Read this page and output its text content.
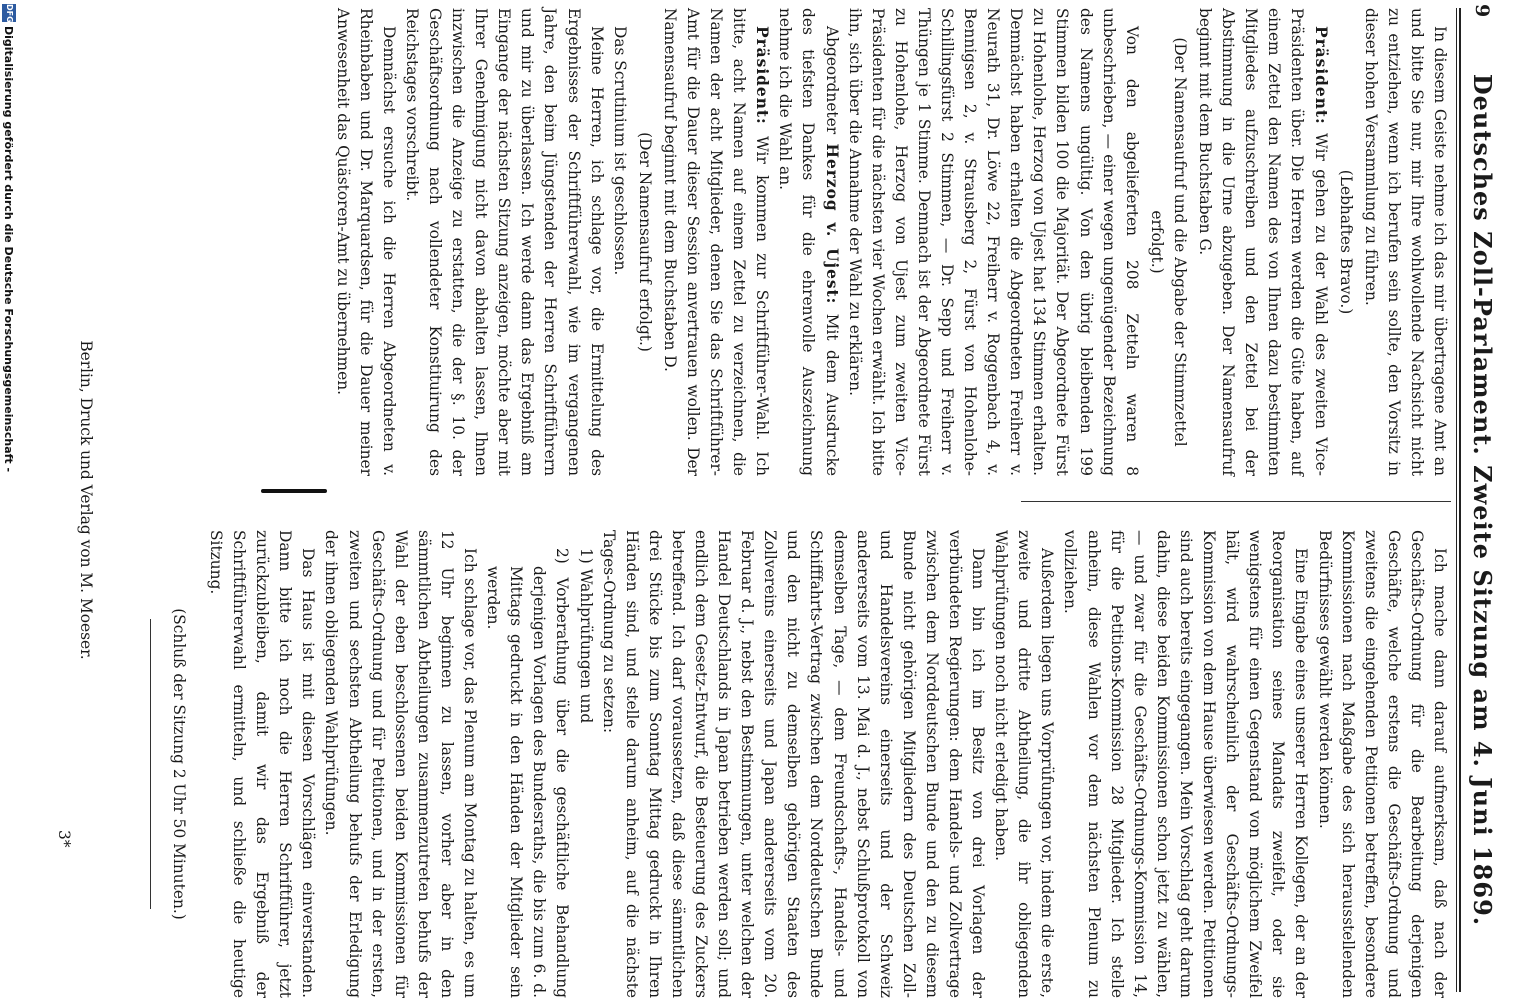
9
Deutsches Zoll-Parlament. Zweite Sitzung am 4. Juni 1869.

In diesem Geiste nehme ich das mir übertragene Amt an und bitte Sie nur, mir Ihre wohlwollende Nachsicht nicht zu entziehen, wenn ich berufen sein sollte, den Vorsitz in dieser hohen Versammlung zu führen.

(Lebhaftes Bravo.)

Präsident: Wir gehen zu der Wahl des zweiten Vice-Präsidenten über. Die Herren werden die Güte haben, auf einem Zettel den Namen des von Ihnen dazu bestimmten Mitgliedes aufzuschreiben und den Zettel bei der Abstimmung in die Urne abzugeben. Der Namensaufruf beginnt mit dem Buchstaben G.

(Der Namensaufruf und die Abgabe der Stimmzettel erfolgt.)

Von den abgelieferten 208 Zetteln waren 8 unbeschrieben, — einer wegen ungenügender Bezeichnung des Namens ungültig. Von den übrig bleibenden 199 Stimmen bilden 100 die Majorität. Der Abgeordnete Fürst zu Hohenlohe, Herzog von Ujest hat 134 Stimmen erhalten. Demnächst haben erhalten die Abgeordneten Freiherr v. Neurath 31, Dr. Löwe 22, Freiherr v. Roggenbach 4, v. Bennigsen 2, v. Strausberg 2, Fürst von Hohenlohe-Schillingsfürst 2 Stimmen, — Dr. Sepp und Freiherr v. Thüngen je 1 Stimme. Demnach ist der Abgeordnete Fürst zu Hohenlohe, Herzog von Ujest zum zweiten Vice-Präsidenten für die nächsten vier Wochen erwählt. Ich bitte ihn, sich über die Annahme der Wahl zu erklären.

Abgeordneter Herzog v. Ujest: Mit dem Ausdrucke des tiefsten Dankes für die ehrenvolle Auszeichnung nehme ich die Wahl an.

Präsident: Wir kommen zur Schriftführer-Wahl. Ich bitte, acht Namen auf einem Zettel zu verzeichnen, die Namen der acht Mitglieder, denen Sie das Schriftführer-Amt für die Dauer dieser Session anvertrauen wollen. Der Namensaufruf beginnt mit dem Buchstaben D.

(Der Namensaufruf erfolgt.)

Das Scrutinium ist geschlossen.

Meine Herren, ich schlage vor, die Ermittelung des Ergebnisses der Schriftführerwahl, wie im vergangenen Jahre, den beim Jüngstenden der Herren Schriftführern und mir zu überlassen. Ich werde dann das Ergebniß am Eingange der nächsten Sitzung anzeigen, möchte aber mit Ihrer Genehmigung nicht davon abhalten lassen, Ihnen inzwischen die Anzeige zu erstatten, die der §. 10. der Geschäftsordnung nach vollendeter Konstituirung des Reichstages vorschreibt.

Demnächst ersuche ich die Herren Abgeordneten v. Rheinbaben und Dr. Marquardsen, für die Dauer meiner Anwesenheit das Quästoren-Amt zu übernehmen.

Ich mache dann darauf aufmerksam, daß nach der Geschäfts-Ordnung für die Bearbeitung derjenigen Geschäfte, welche erstens die Geschäfts-Ordnung und zweitens die eingehenden Petitionen betreffen, besondere Kommissionen nach Maßgabe des sich herausstellenden Bedürfnisses gewählt werden können.

Eine Eingabe eines unserer Herren Kollegen, der an der Reorganisation seines Mandats zweifelt, oder sie wenigstens für einen Gegenstand von möglichem Zweifel hält, wird wahrscheinlich der Geschäfts-Ordnungs-Kommission von dem Hause überwiesen werden. Petitionen sind auch bereits eingegangen. Mein Vorschlag geht darum dahin, diese beiden Kommissionen schon jetzt zu wählen, — und zwar für die Geschäfts-Ordnungs-Kommission 14, für die Petitions-Kommission 28 Mitglieder. Ich stelle anheim, diese Wahlen vor dem nächsten Plenum zu vollziehen.

Außerdem liegen uns Vorprüfungen vor, indem die erste, zweite und dritte Abtheilung, die ihr obliegenden Wahlprüfungen noch nicht erledigt haben.

Dann bin ich im Besitz von drei Vorlagen der verbündeten Regierungen: dem Handels- und Zollvertrage zwischen dem Norddeutschen Bunde und den zu diesem Bunde nicht gehörigen Mitgliedern des Deutschen Zoll- und Handelsvereins einerseits und der Schweiz andererseits vom 13. Mai d. J., nebst Schlußprotokoll von demselben Tage, — dem Freundschafts-, Handels- und Schifffahrts-Vertrag zwischen dem Norddeutschen Bunde und den nicht zu demselben gehörigen Staaten des Zollvereins einerseits und Japan andererseits vom 20. Februar d. J., nebst den Bestimmungen, unter welchen der Handel Deutschlands in Japan betrieben werden soll; und endlich dem Gesetz-Entwurf, die Besteuerung des Zuckers betreffend. Ich darf voraussetzen, daß diese sämmtlichen drei Stücke bis zum Sonntag Mittag gedruckt in Ihren Händen sind, und stelle darum anheim, auf die nächste Tages-Ordnung zu setzen:

1) Wahlprüfungen und

2) Vorberathung über die geschäftliche Behandlung derjenigen Vorlagen des Bundesraths, die bis zum 6. d. Mittags gedruckt in den Händen der Mitglieder sein werden.

Ich schlage vor, das Plenum am Montag zu halten, es um 12 Uhr beginnen zu lassen, vorher aber in den sämmtlichen Abtheilungen zusammenzutreten behufs der Wahl der eben beschlossenen beiden Kommissionen für Geschäfts-Ordnung und für Petitionen, und in der ersten, zweiten und sechsten Abtheilung behufs der Erledigung der ihnen obliegenden Wahlprüfungen.

Das Haus ist mit diesen Vorschlägen einverstanden. Dann bitte ich noch die Herren Schriftführer, jetzt zurückzubleiben, damit wir das Ergebniß der Schriftführerwahl ermitteln, und schließe die heutige Sitzung.

(Schluß der Sitzung 2 Uhr 50 Minuten.)

Berlin, Druck und Verlag von M. Moeser.
3*
DFG
Digitalisierung gefördert durch die Deutsche Forschungsgemeinschaft -
